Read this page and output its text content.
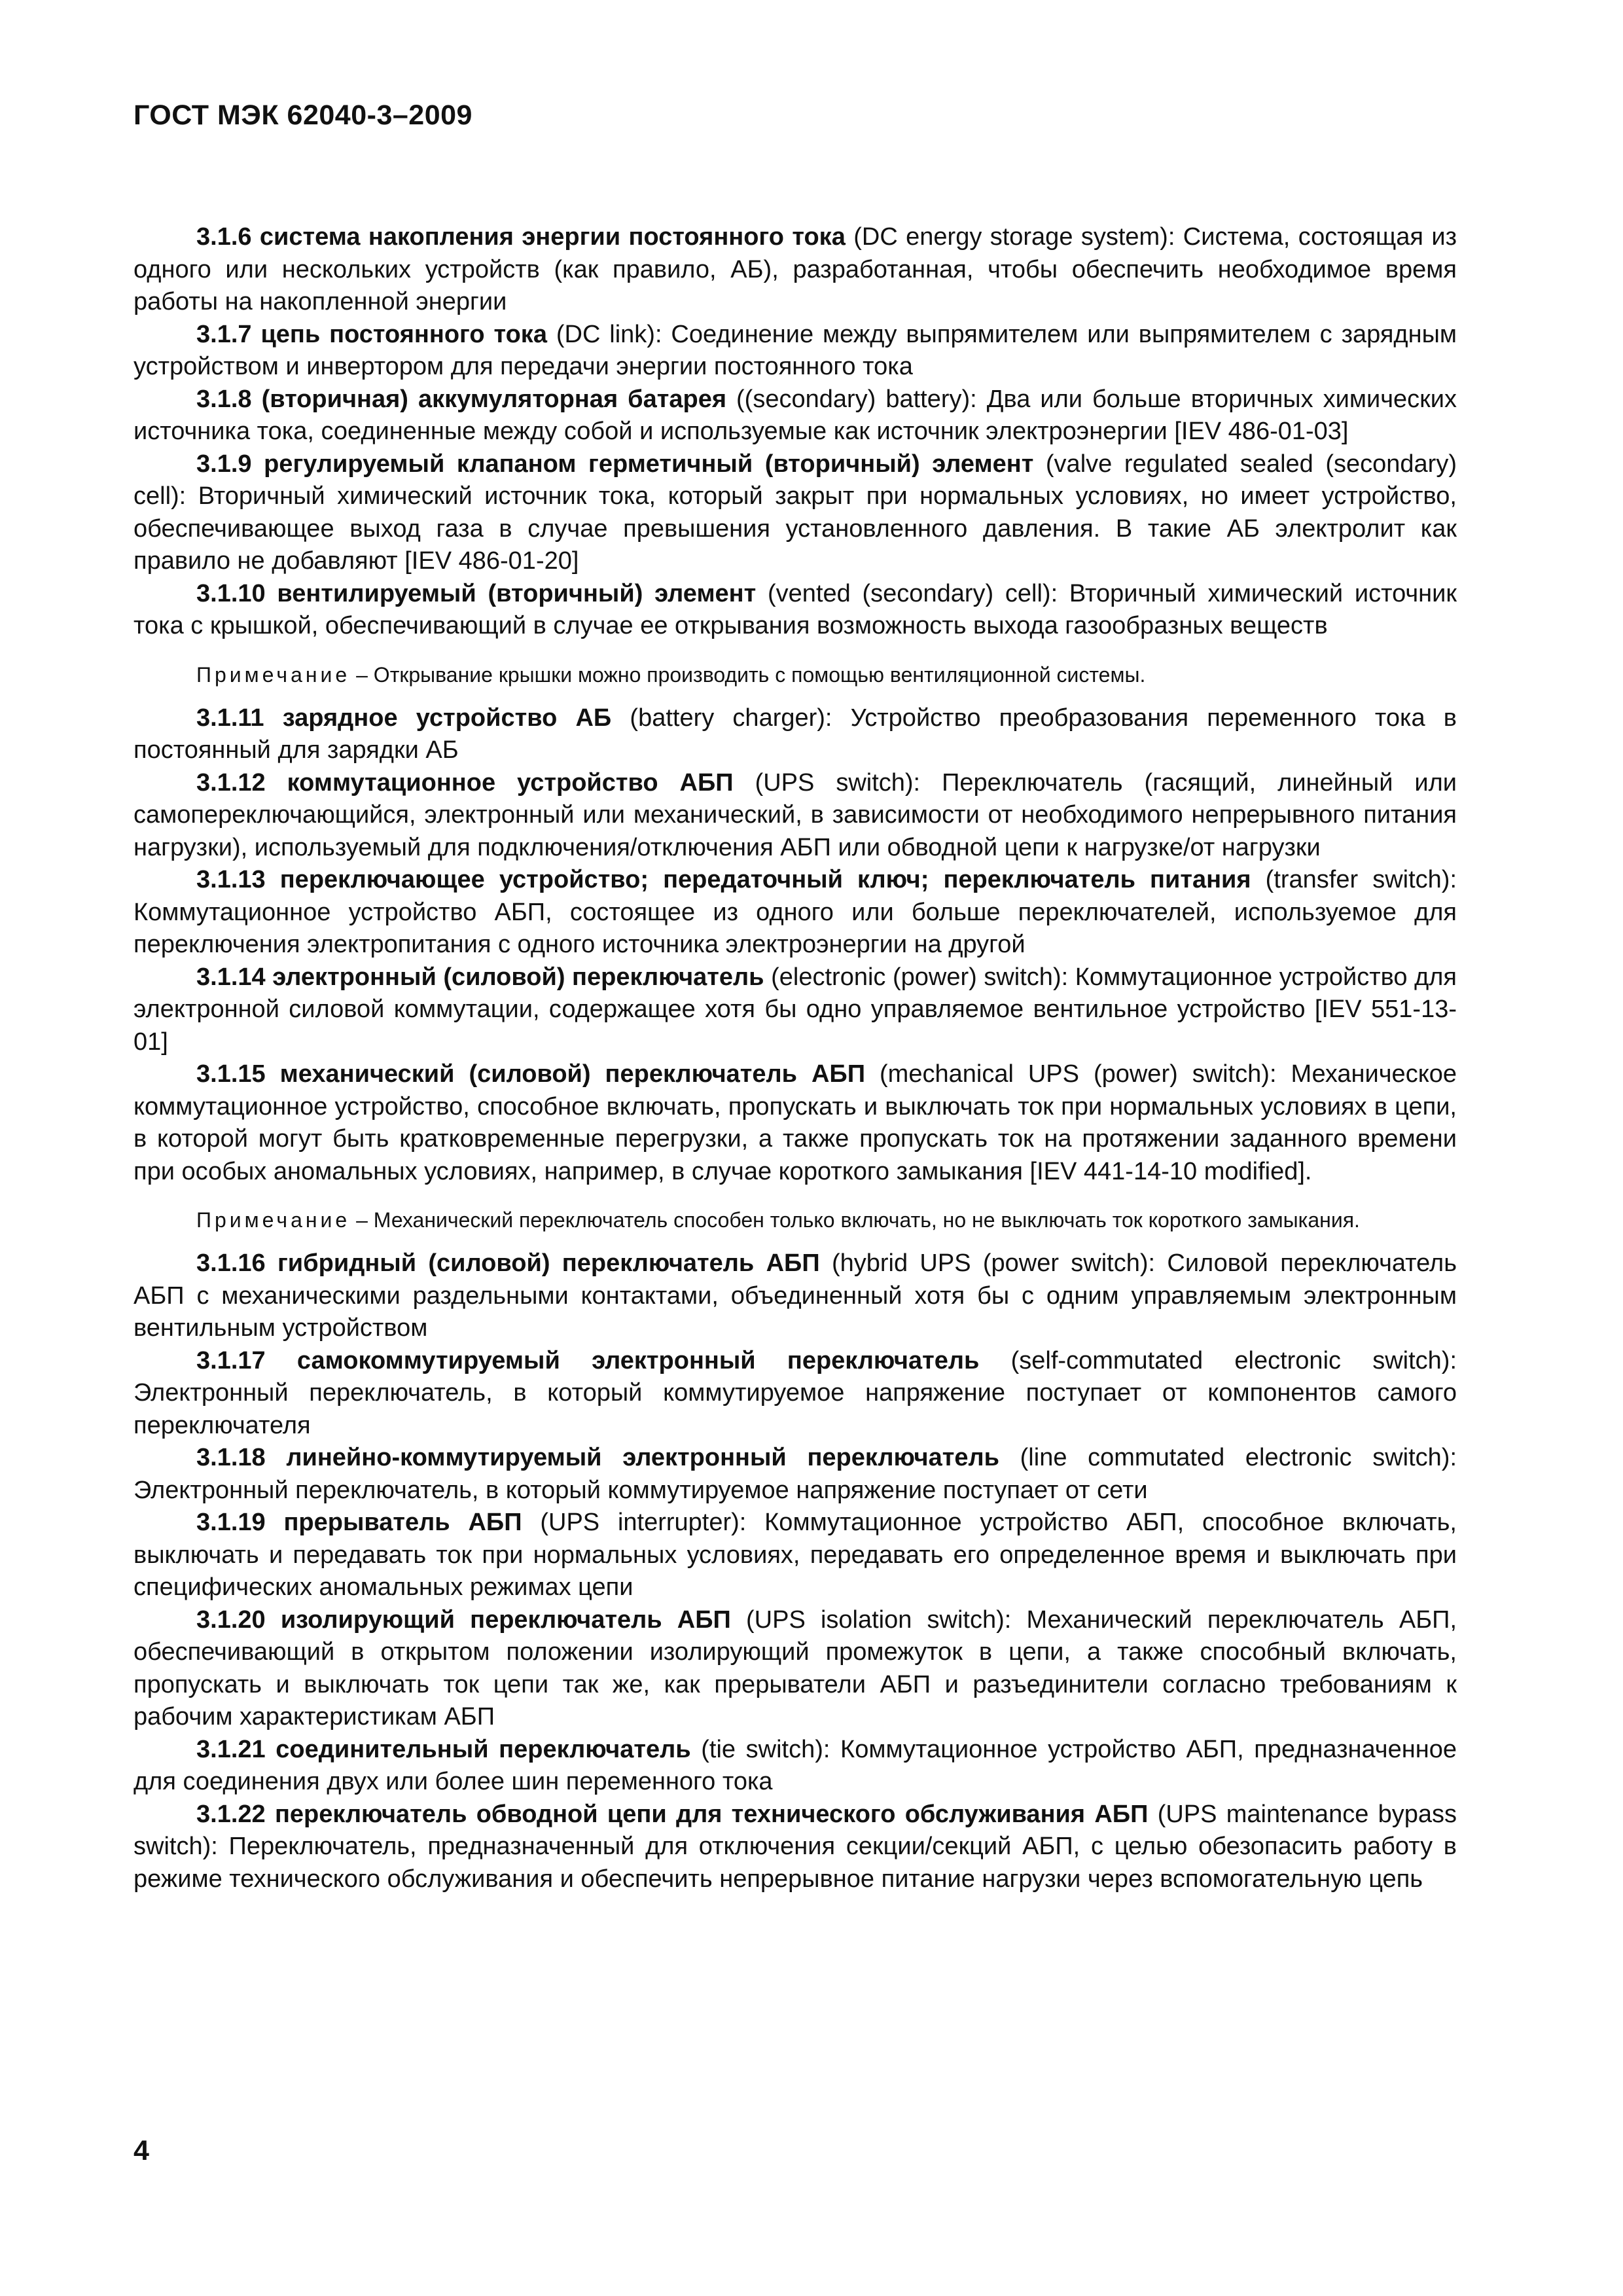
ГОСТ МЭК 62040-3–2009

3.1.6 система накопления энергии постоянного тока (DC energy storage system): Система, состоящая из одного или нескольких устройств (как правило, АБ), разработанная, чтобы обеспечить необходимое время работы на накопленной энергии

3.1.7 цепь постоянного тока (DC link): Соединение между выпрямителем или выпрямителем с зарядным устройством и инвертором для передачи энергии постоянного тока

3.1.8 (вторичная) аккумуляторная батарея ((secondary) battery): Два или больше вторичных химических источника тока, соединенные между собой и используемые как источник электроэнергии [IEV 486-01-03]

3.1.9 регулируемый клапаном герметичный (вторичный) элемент (valve regulated sealed (secondary) cell): Вторичный химический источник тока, который закрыт при нормальных условиях, но имеет устройство, обеспечивающее выход газа в случае превышения установленного давления. В такие АБ электролит как правило не добавляют [IEV 486-01-20]

3.1.10 вентилируемый (вторичный) элемент (vented (secondary) cell): Вторичный химический источник тока с крышкой, обеспечивающий в случае ее открывания возможность выхода газообразных веществ

Примечание – Открывание крышки можно производить с помощью вентиляционной системы.

3.1.11 зарядное устройство АБ (battery charger): Устройство преобразования переменного тока в постоянный для зарядки АБ

3.1.12 коммутационное устройство АБП (UPS switch): Переключатель (гасящий, линейный или самопереключающийся, электронный или механический, в зависимости от необходимого непрерывного питания нагрузки), используемый для подключения/отключения АБП или обводной цепи к нагрузке/от нагрузки

3.1.13 переключающее устройство; передаточный ключ; переключатель питания (transfer switch): Коммутационное устройство АБП, состоящее из одного или больше переключателей, используемое для переключения электропитания с одного источника электроэнергии на другой

3.1.14 электронный (силовой) переключатель (electronic (power) switch): Коммутационное устройство для электронной силовой коммутации, содержащее хотя бы одно управляемое вентильное устройство [IEV 551-13-01]

3.1.15 механический (силовой) переключатель АБП (mechanical UPS (power) switch): Механическое коммутационное устройство, способное включать, пропускать и выключать ток при нормальных условиях в цепи, в которой могут быть кратковременные перегрузки, а также пропускать ток на протяжении заданного времени при особых аномальных условиях, например, в случае короткого замыкания [IEV 441-14-10 modified].

Примечание – Механический переключатель способен только включать, но не выключать ток короткого замыкания.

3.1.16 гибридный (силовой) переключатель АБП (hybrid UPS (power switch): Силовой переключатель АБП с механическими раздельными контактами, объединенный хотя бы с одним управляемым электронным вентильным устройством

3.1.17 самокоммутируемый электронный переключатель (self-commutated electronic switch): Электронный переключатель, в который коммутируемое напряжение поступает от компонентов самого переключателя

3.1.18 линейно-коммутируемый электронный переключатель (line commutated electronic switch): Электронный переключатель, в который коммутируемое напряжение поступает от сети

3.1.19 прерыватель АБП (UPS interrupter): Коммутационное устройство АБП, способное включать, выключать и передавать ток при нормальных условиях, передавать его определенное время и выключать при специфических аномальных режимах цепи

3.1.20 изолирующий переключатель АБП (UPS isolation switch): Механический переключатель АБП, обеспечивающий в открытом положении изолирующий промежуток в цепи, а также способный включать, пропускать и выключать ток цепи так же, как прерыватели АБП и разъединители согласно требованиям к рабочим характеристикам АБП

3.1.21 соединительный переключатель (tie switch): Коммутационное устройство АБП, предназначенное для соединения двух или более шин переменного тока

3.1.22 переключатель обводной цепи для технического обслуживания АБП (UPS maintenance bypass switch): Переключатель, предназначенный для отключения секции/секций АБП, с целью обезопасить работу в режиме технического обслуживания и обеспечить непрерывное питание нагрузки через вспомогательную цепь

4
